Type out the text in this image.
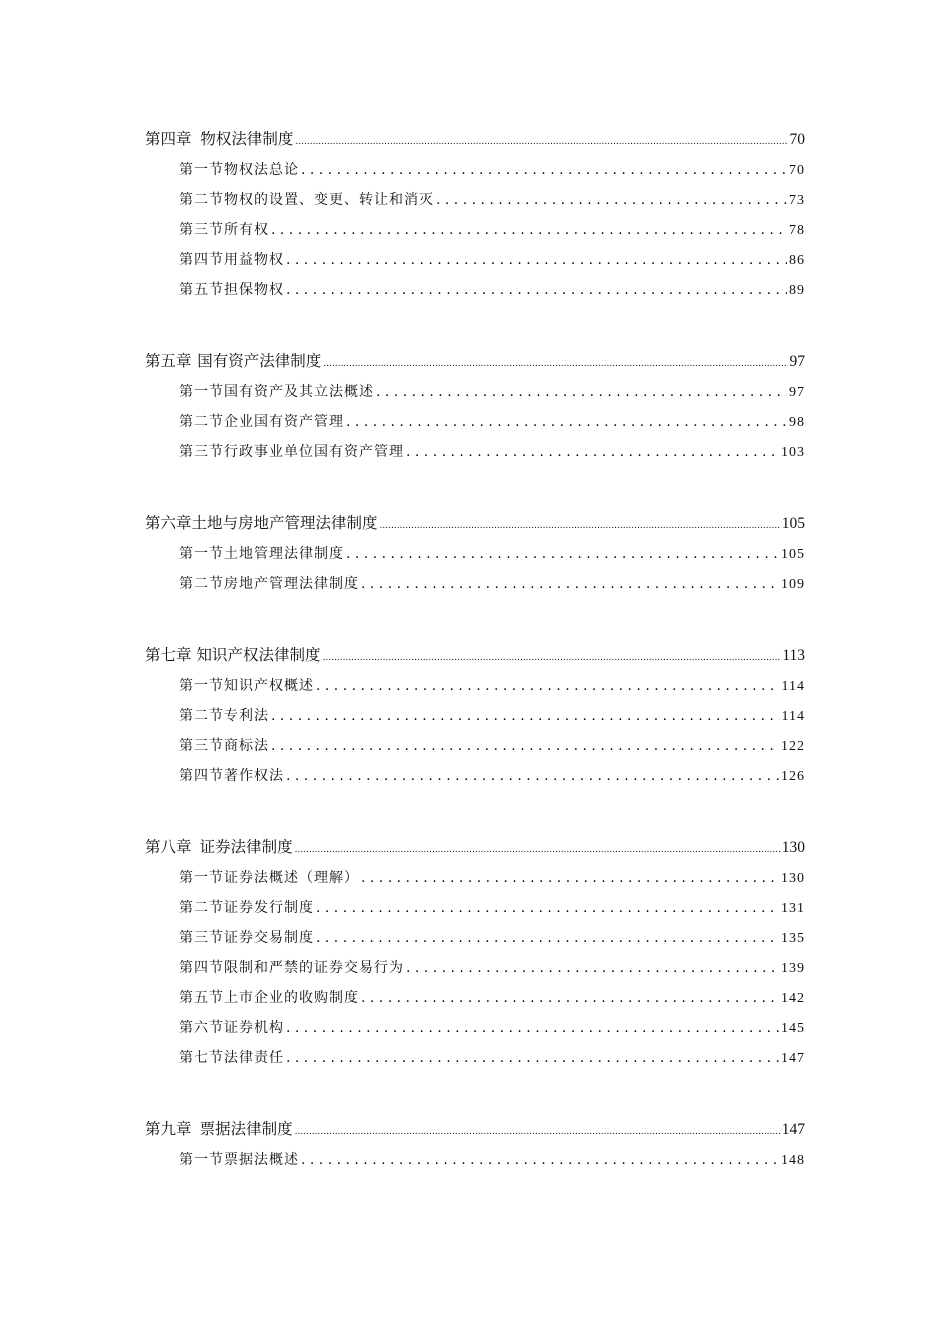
第四章 物权法律制度 .....	70
第一节 物权法总论 . . .	70
第二节 物权的设置、变更、转让和消灭 . . .	73
第三节 所有权 . . .	78
第四节 用益物权 . . .	86
第五节 担保物权 . . .	89
第五章 国有资产法律制度 .....	97
第一节 国有资产及其立法概述 . . .	97
第二节 企业国有资产管理 . . .	98
第三节 行政事业单位国有资产管理 . . .	103
第六章 土地与房地产管理法律制度 .....	105
第一节 土地管理法律制度 . . .	105
第二节 房地产管理法律制度 . . .	109
第七章 知识产权法律制度 .....	113
第一节 知识产权概述 . . .	114
第二节 专利法 . . .	114
第三节 商标法 . . .	122
第四节 著作权法 . . .	126
第八章 证券法律制度 .....	130
第一节 证券法概述（理解） . . .	130
第二节 证券发行制度 . . .	131
第三节 证券交易制度 . . .	135
第四节 限制和严禁的证券交易行为 . . .	139
第五节 上市企业的收购制度 . . .	142
第六节 证券机构 . . .	145
第七节 法律责任 . . .	147
第九章 票据法律制度 .....	147
第一节 票据法概述 . . .	148
